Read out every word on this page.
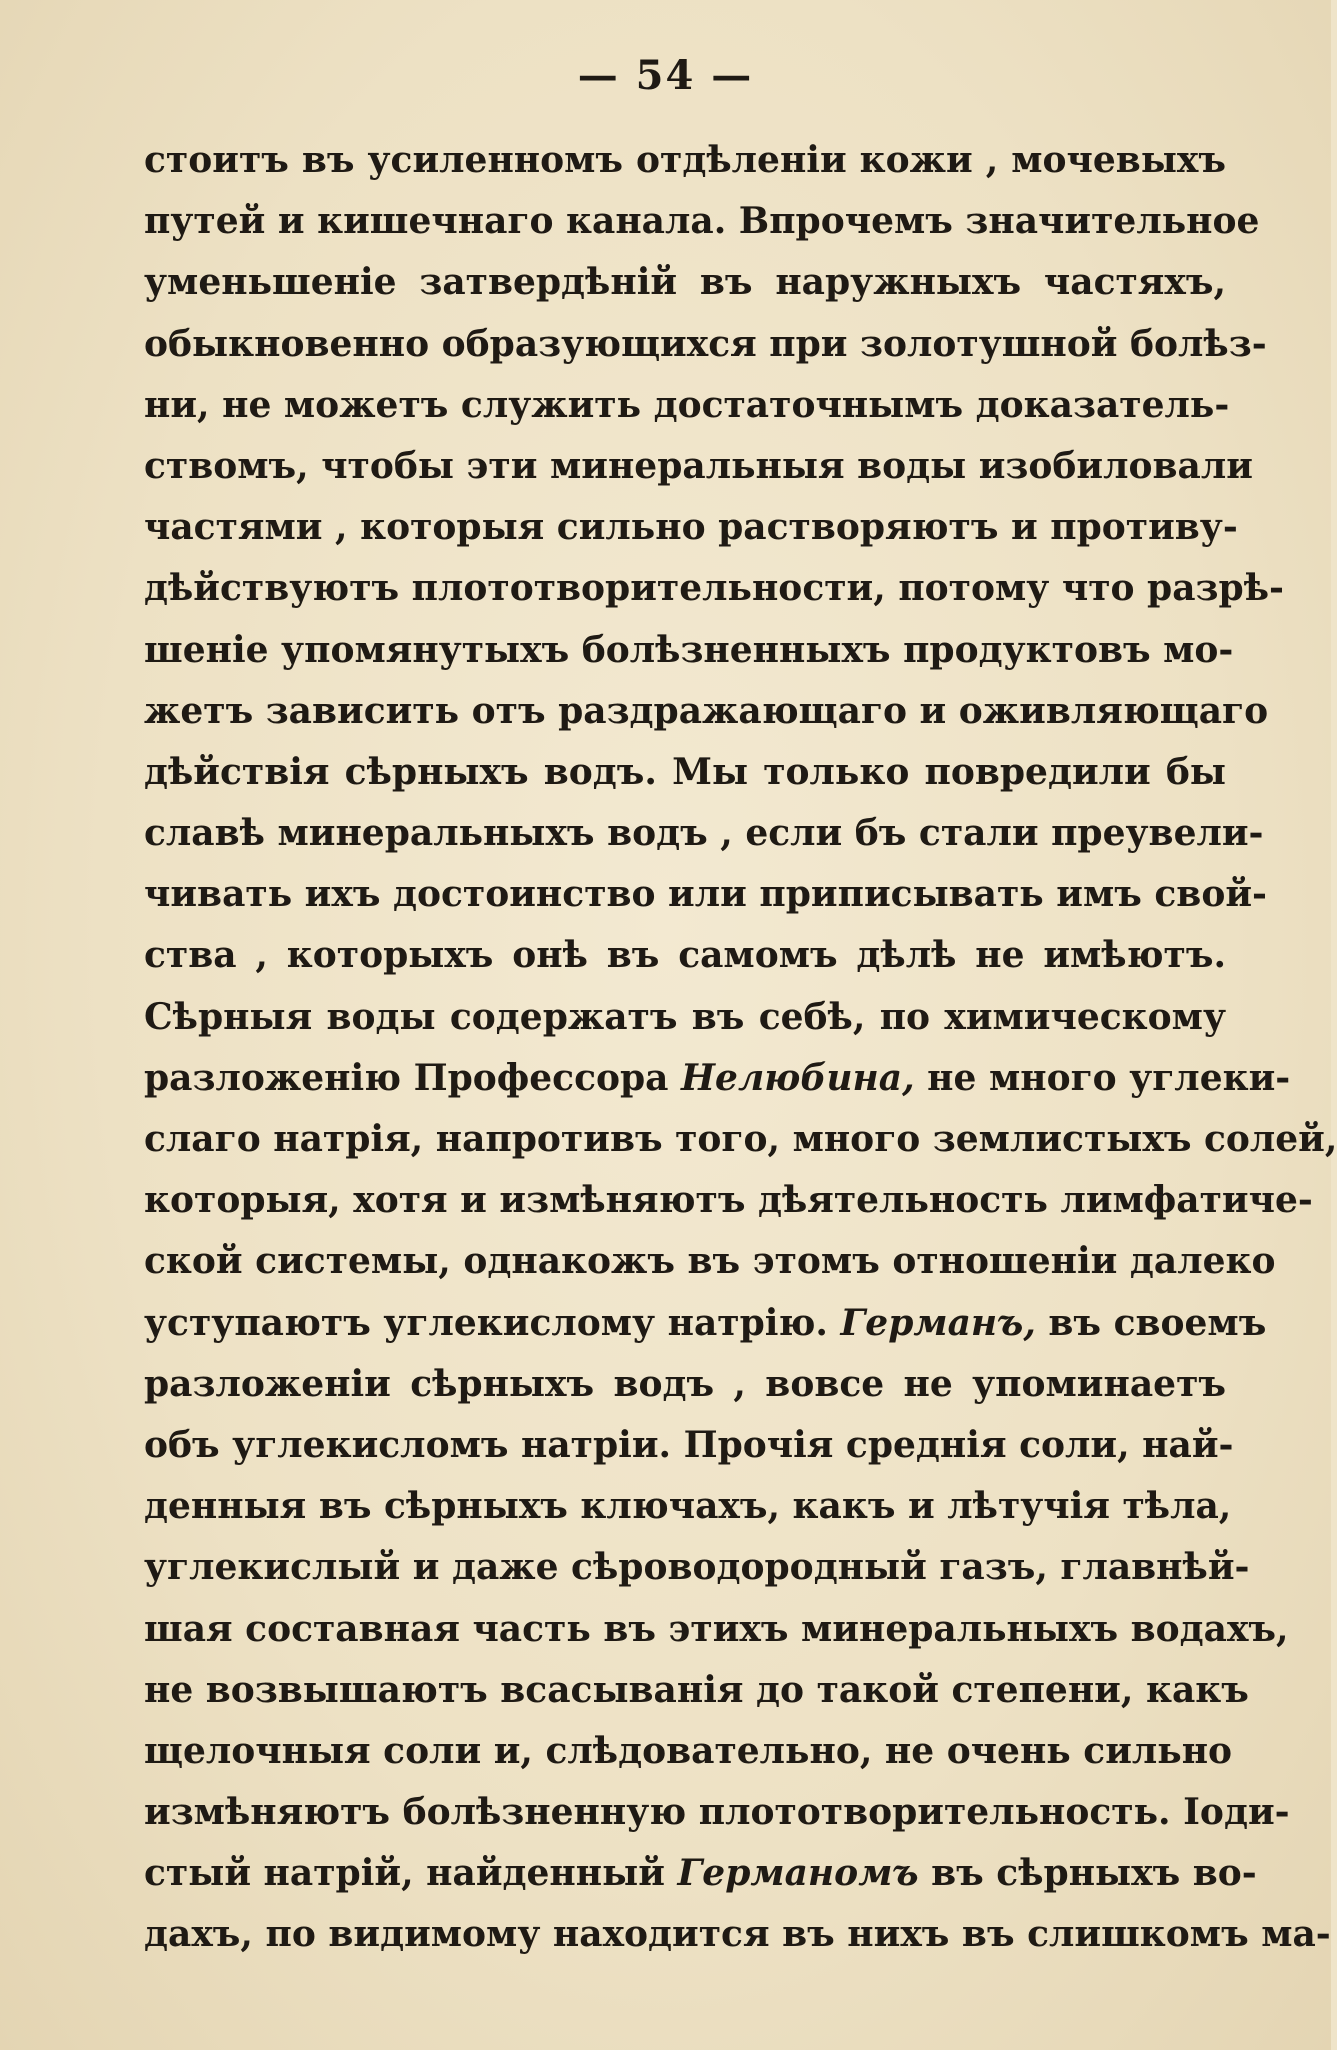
— 54 —
стоитъ въ усиленномъ отдѣленіи кожи , мочевыхъ
путей и кишечнаго канала. Впрочемъ значительное
уменьшеніе затвердѣній въ наружныхъ частяхъ,
обыкновенно образующихся при золотушной болѣз-
ни, не можетъ служить достаточнымъ доказатель-
ствомъ, чтобы эти минеральныя воды изобиловали
частями , которыя сильно растворяютъ и противу-
дѣйствуютъ плототворительности, потому что разрѣ-
шеніе упомянутыхъ болѣзненныхъ продуктовъ мо-
жетъ зависить отъ раздражающаго и оживляющаго
дѣйствія сѣрныхъ водъ. Мы только повредили бы
славѣ минеральныхъ водъ , если бъ стали преувели-
чивать ихъ достоинство или приписывать имъ свой-
ства , которыхъ онѣ въ самомъ дѣлѣ не имѣютъ.
Сѣрныя воды содержатъ въ себѣ, по химическому
разложенію Профессора Нелюбина, не много углеки-
слаго натрія, напротивъ того, много землистыхъ солей,
которыя, хотя и измѣняютъ дѣятельность лимфатиче-
ской системы, однакожъ въ этомъ отношеніи далеко
уступаютъ углекислому натрію. Германъ, въ своемъ
разложеніи сѣрныхъ водъ , вовсе не упоминаетъ
объ углекисломъ натріи. Прочія среднія соли, най-
денныя въ сѣрныхъ ключахъ, какъ и лѣтучія тѣла,
углекислый и даже сѣроводородный газъ, главнѣй-
шая составная часть въ этихъ минеральныхъ водахъ,
не возвышаютъ всасыванія до такой степени, какъ
щелочныя соли и, слѣдовательно, не очень сильно
измѣняютъ болѣзненную плототворительность. Іоди-
стый натрій, найденный Германомъ въ сѣрныхъ во-
дахъ, по видимому находится въ нихъ въ слишкомъ ма-
